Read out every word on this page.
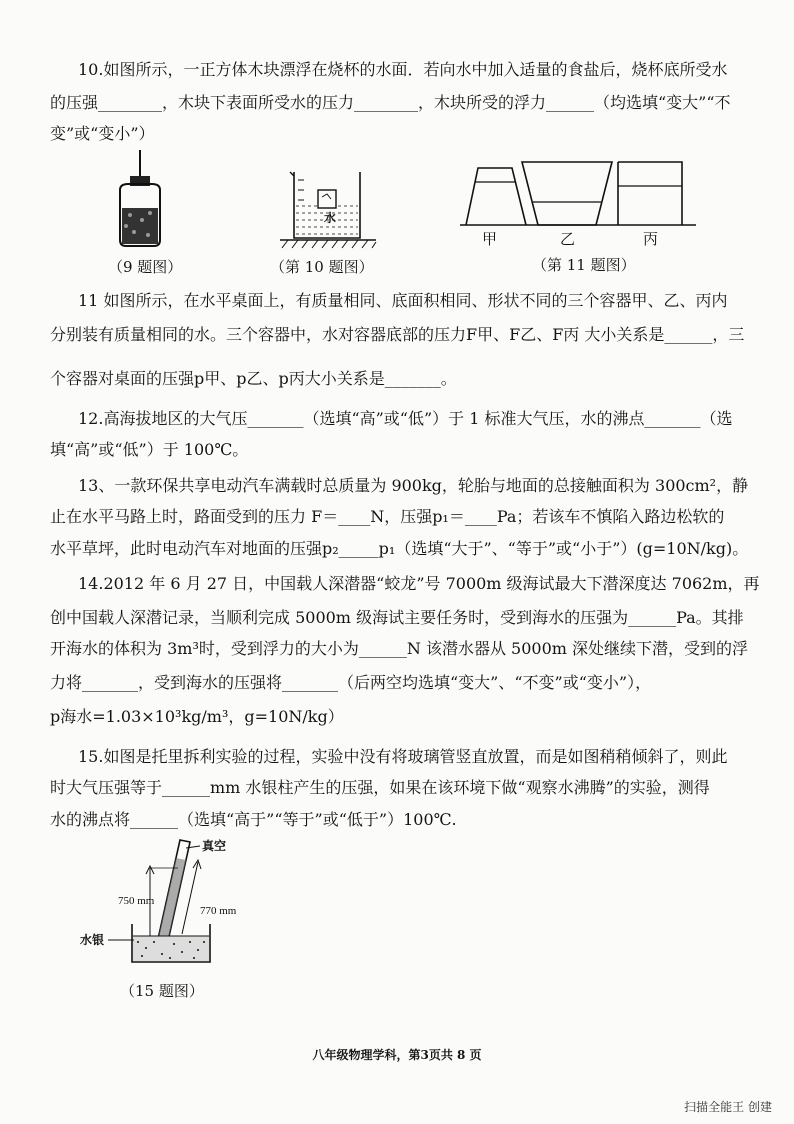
10.如图所示，一正方体木块漂浮在烧杯的水面．若向水中加入适量的食盐后，烧杯底所受水
的压强________，木块下表面所受水的压力________，木块所受的浮力______（均选填“变大”“不
变”或“变小”）
（9 题图）
水
（第 10 题图）
甲	乙	丙
（第 11 题图）
11 如图所示，在水平桌面上，有质量相同、底面积相同、形状不同的三个容器甲、乙、丙内
分别装有质量相同的水。三个容器中，水对容器底部的压力F甲、F乙、F丙 大小关系是______，三
个容器对桌面的压强p甲、p乙、p丙大小关系是_______。
12.高海拔地区的大气压_______（选填“高”或“低”）于 1 标准大气压，水的沸点_______（选
填“高”或“低”）于 100℃。
13、一款环保共享电动汽车满载时总质量为 900kg，轮胎与地面的总接触面积为 300cm²，静
止在水平马路上时，路面受到的压力 F＝____N，压强p₁＝____Pa；若该车不慎陷入路边松软的
水平草坪，此时电动汽车对地面的压强p₂_____p₁（选填“大于”、“等于”或“小于”）(g=10N/kg)。
14.2012 年 6 月 27 日，中国载人深潜器“蛟龙”号 7000m 级海试最大下潜深度达 7062m，再
创中国载人深潜记录，当顺利完成 5000m 级海试主要任务时，受到海水的压强为______Pa。其排
开海水的体积为 3m³时，受到浮力的大小为______N 该潜水器从 5000m 深处继续下潜，受到的浮
力将_______，受到海水的压强将_______（后两空均选填“变大”、“不变”或“变小”），
p海水=1.03×10³kg/m³，g=10N/kg）
15.如图是托里拆利实验的过程，实验中没有将玻璃管竖直放置，而是如图稍稍倾斜了，则此
时大气压强等于______mm 水银柱产生的压强，如果在该环境下做“观察水沸腾”的实验，测得
水的沸点将______（选填“高于”“等于”或“低于”）100℃.
真空
750 mm
770 mm
水银
（15 题图）
八年级物理学科，第3页共 8 页
扫描全能王 创建
